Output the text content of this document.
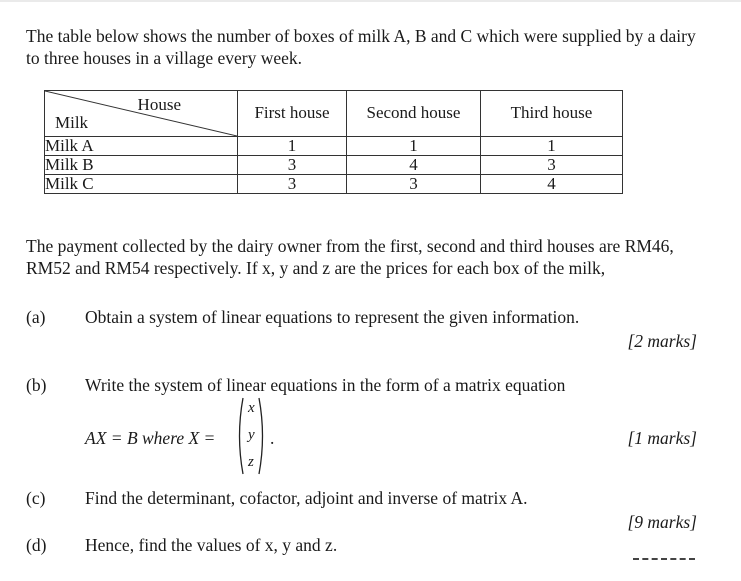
The table below shows the number of boxes of milk A, B and C which were supplied by a dairy to three houses in a village every week.
House
Milk	First house	Second house	Third house
Milk A	1	1	1
Milk B	3	4	3
Milk C	3	3	4
The payment collected by the dairy owner from the first, second and third houses are RM46, RM52 and RM54 respectively. If x, y and z are the prices for each box of the milk,
(a) Obtain a system of linear equations to represent the given information.
[2 marks]
(b) Write the system of linear equations in the form of a matrix equation
AX = B where X =
x
y
z
.	[1 marks]
(c) Find the determinant, cofactor, adjoint and inverse of matrix A.
[9 marks]
(d) Hence, find the values of x, y and z.
